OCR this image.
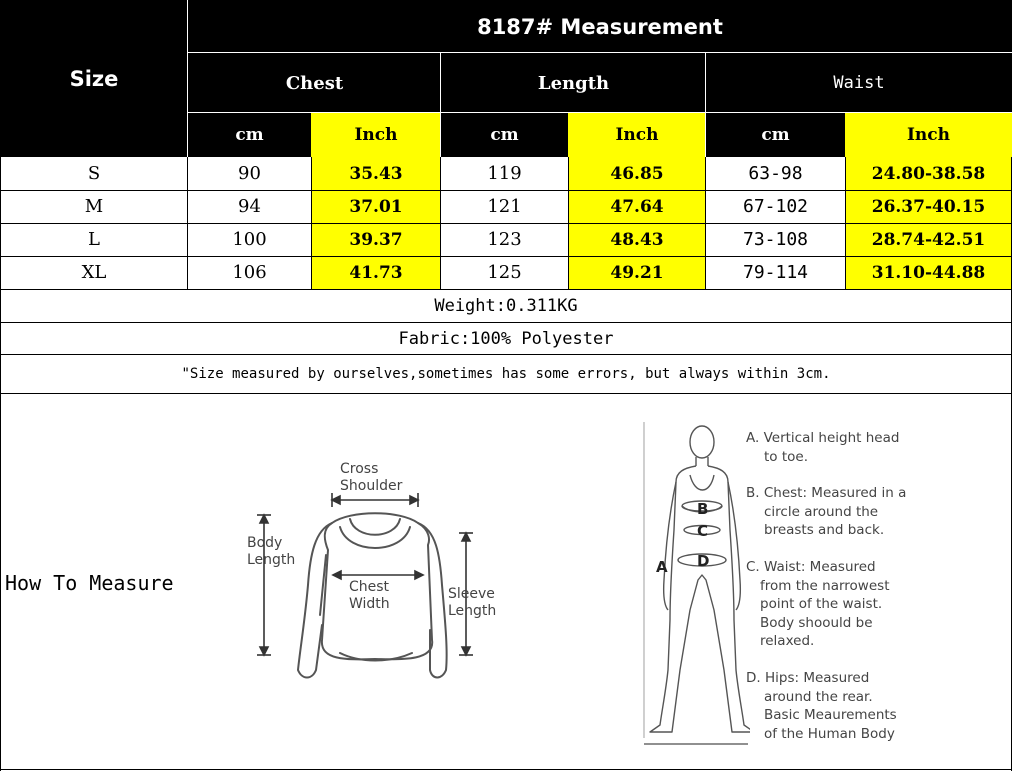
Size
8187# Measurement
Chest	Length	Waist
cm	Inch	cm	Inch	cm	Inch
S	90	35.43	119	46.85	63-98	24.80-38.58
M	94	37.01	121	47.64	67-102	26.37-40.15
L	100	39.37	123	48.43	73-108	28.74-42.51
XL	106	41.73	125	49.21	79-114	31.10-44.88
Weight:0.311KG
Fabric:100% Polyester
"Size measured by ourselves,sometimes has some errors, but always within 3cm.
How To Measure
Cross Shoulder
Body Length
Chest Width
Sleeve Length
A
B
C
D
A. Vertical height head
to toe.
B. Chest: Measured in a
circle around the
breasts and back.
C. Waist: Measured
from the narrowest
point of the waist.
Body shoould be
relaxed.
D. Hips: Measured
around the rear.
Basic Meaurements
of the Human Body
